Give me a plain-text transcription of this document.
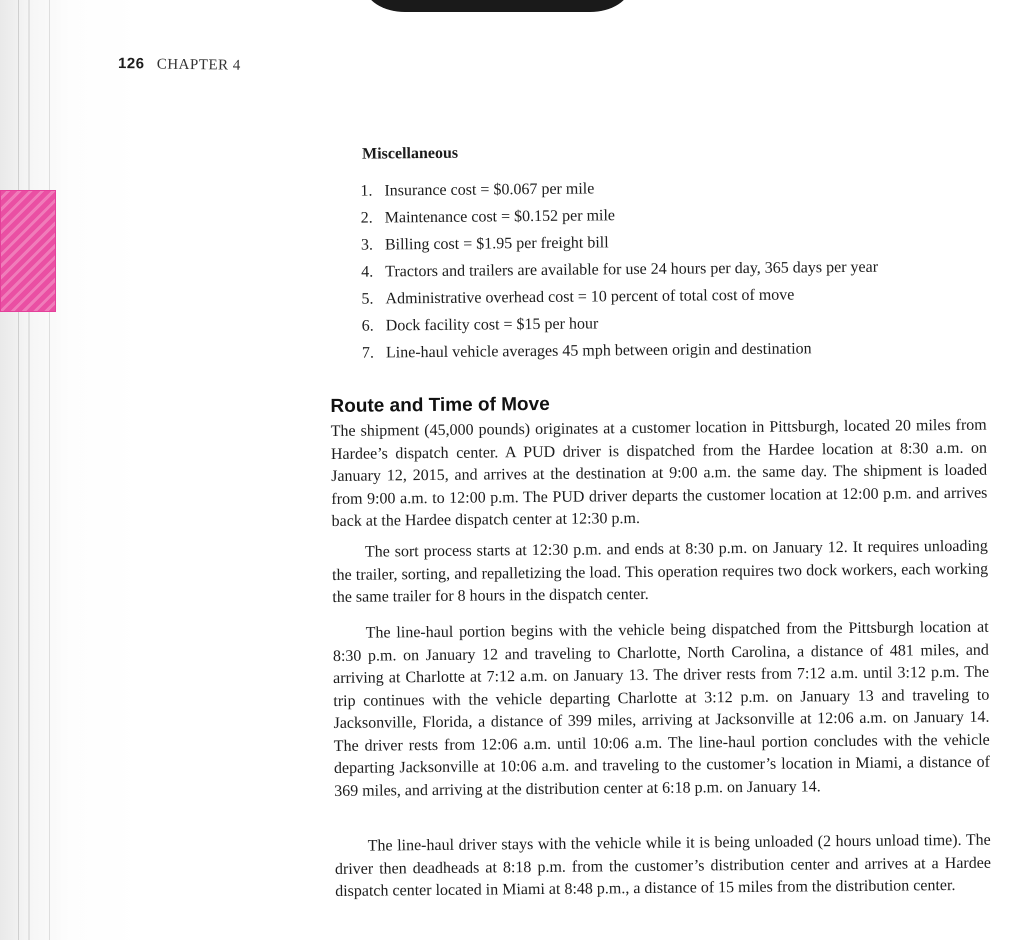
126 CHAPTER 4
Miscellaneous
1. Insurance cost = $0.067 per mile
2. Maintenance cost = $0.152 per mile
3. Billing cost = $1.95 per freight bill
4. Tractors and trailers are available for use 24 hours per day, 365 days per year
5. Administrative overhead cost = 10 percent of total cost of move
6. Dock facility cost = $15 per hour
7. Line-haul vehicle averages 45 mph between origin and destination
Route and Time of Move

The shipment (45,000 pounds) originates at a customer location in Pittsburgh, located 20 miles from Hardee’s dispatch center. A PUD driver is dispatched from the Hardee location at 8:30 a.m. on January 12, 2015, and arrives at the destination at 9:00 a.m. the same day. The shipment is loaded from 9:00 a.m. to 12:00 p.m. The PUD driver departs the customer location at 12:00 p.m. and arrives back at the Hardee dispatch center at 12:30 p.m.

The sort process starts at 12:30 p.m. and ends at 8:30 p.m. on January 12. It requires unloading the trailer, sorting, and repalletizing the load. This operation requires two dock workers, each working the same trailer for 8 hours in the dispatch center.

The line-haul portion begins with the vehicle being dispatched from the Pittsburgh location at 8:30 p.m. on January 12 and traveling to Charlotte, North Carolina, a distance of 481 miles, and arriving at Charlotte at 7:12 a.m. on January 13. The driver rests from 7:12 a.m. until 3:12 p.m. The trip continues with the vehicle departing Charlotte at 3:12 p.m. on January 13 and traveling to Jacksonville, Florida, a distance of 399 miles, arriving at Jacksonville at 12:06 a.m. on January 14. The driver rests from 12:06 a.m. until 10:06 a.m. The line-haul portion concludes with the vehicle departing Jacksonville at 10:06 a.m. and traveling to the customer’s location in Miami, a distance of 369 miles, and arriving at the distribution center at 6:18 p.m. on January 14.

The line-haul driver stays with the vehicle while it is being unloaded (2 hours unload time). The driver then deadheads at 8:18 p.m. from the customer’s distribution center and arrives at a Hardee dispatch center located in Miami at 8:48 p.m., a distance of 15 miles from the distribution center.
